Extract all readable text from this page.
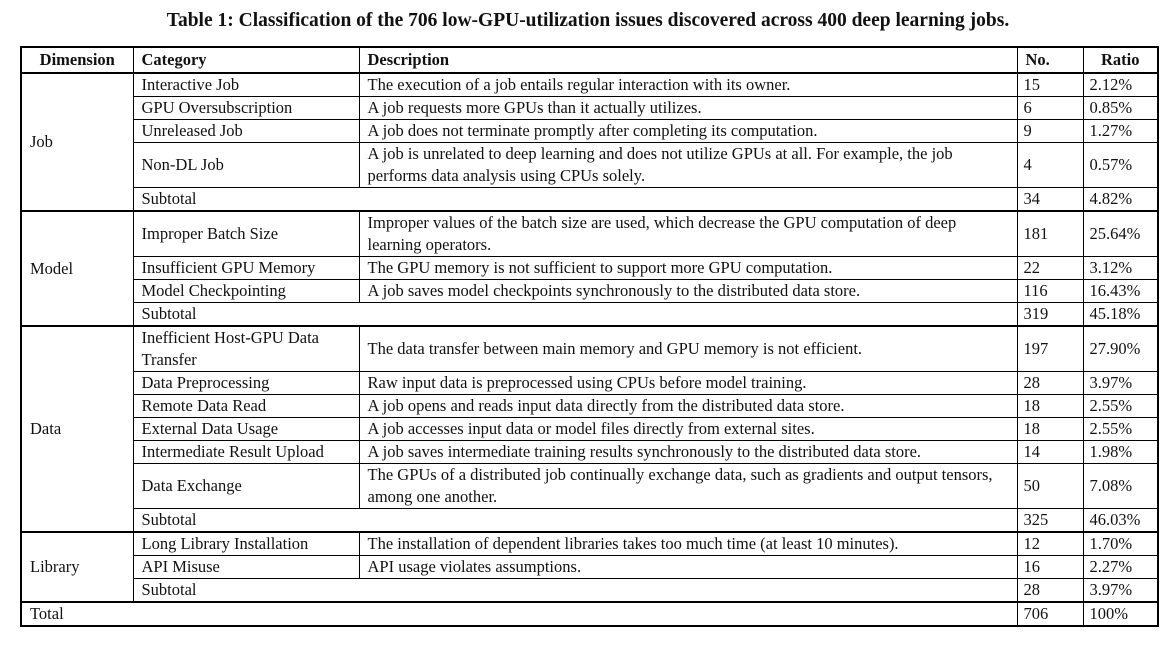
Table 1: Classification of the 706 low-GPU-utilization issues discovered across 400 deep learning jobs.
Dimension	Category	Description	No.	Ratio
Job	Interactive Job	The execution of a job entails regular interaction with its owner.	15	2.12%
	GPU Oversubscription	A job requests more GPUs than it actually utilizes.	6	0.85%
	Unreleased Job	A job does not terminate promptly after completing its computation.	9	1.27%
	Non-DL Job	A job is unrelated to deep learning and does not utilize GPUs at all. For example, the job performs data analysis using CPUs solely.	4	0.57%
	Subtotal		34	4.82%
Model	Improper Batch Size	Improper values of the batch size are used, which decrease the GPU computation of deep learning operators.	181	25.64%
	Insufficient GPU Memory	The GPU memory is not sufficient to support more GPU computation.	22	3.12%
	Model Checkpointing	A job saves model checkpoints synchronously to the distributed data store.	116	16.43%
	Subtotal		319	45.18%
Data	Inefficient Host-GPU Data Transfer	The data transfer between main memory and GPU memory is not efficient.	197	27.90%
	Data Preprocessing	Raw input data is preprocessed using CPUs before model training.	28	3.97%
	Remote Data Read	A job opens and reads input data directly from the distributed data store.	18	2.55%
	External Data Usage	A job accesses input data or model files directly from external sites.	18	2.55%
	Intermediate Result Upload	A job saves intermediate training results synchronously to the distributed data store.	14	1.98%
	Data Exchange	The GPUs of a distributed job continually exchange data, such as gradients and output tensors, among one another.	50	7.08%
	Subtotal		325	46.03%
Library	Long Library Installation	The installation of dependent libraries takes too much time (at least 10 minutes).	12	1.70%
	API Misuse	API usage violates assumptions.	16	2.27%
	Subtotal		28	3.97%
Total			706	100%
